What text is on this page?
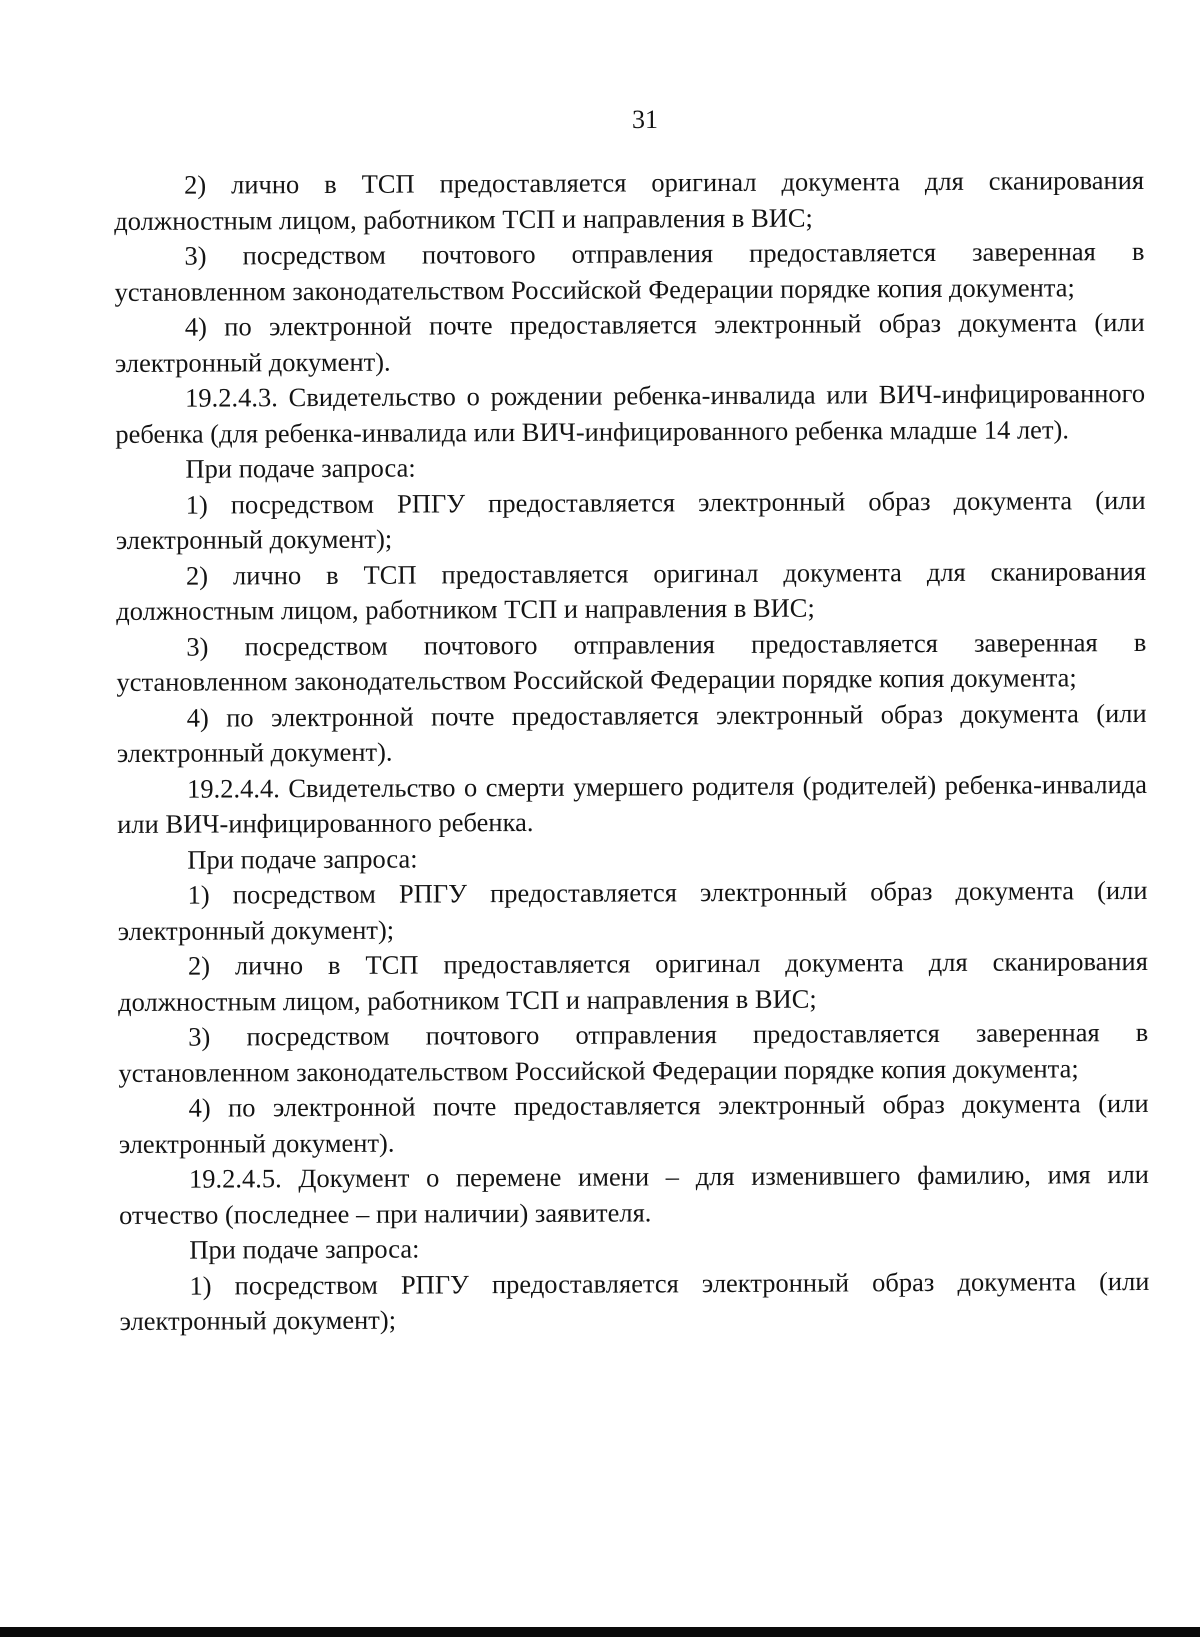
31

2) лично в ТСП предоставляется оригинал документа для сканирования должностным лицом, работником ТСП и направления в ВИС;

3) посредством почтового отправления предоставляется заверенная в установленном законодательством Российской Федерации порядке копия документа;

4) по электронной почте предоставляется электронный образ документа (или электронный документ).

19.2.4.3. Свидетельство о рождении ребенка-инвалида или ВИЧ-инфицированного ребенка (для ребенка-инвалида или ВИЧ-инфицированного ребенка младше 14 лет).

При подаче запроса:

1) посредством РПГУ предоставляется электронный образ документа (или электронный документ);

2) лично в ТСП предоставляется оригинал документа для сканирования должностным лицом, работником ТСП и направления в ВИС;

3) посредством почтового отправления предоставляется заверенная в установленном законодательством Российской Федерации порядке копия документа;

4) по электронной почте предоставляется электронный образ документа (или электронный документ).

19.2.4.4. Свидетельство о смерти умершего родителя (родителей) ребенка-инвалида или ВИЧ-инфицированного ребенка.

При подаче запроса:

1) посредством РПГУ предоставляется электронный образ документа (или электронный документ);

2) лично в ТСП предоставляется оригинал документа для сканирования должностным лицом, работником ТСП и направления в ВИС;

3) посредством почтового отправления предоставляется заверенная в установленном законодательством Российской Федерации порядке копия документа;

4) по электронной почте предоставляется электронный образ документа (или электронный документ).

19.2.4.5. Документ о перемене имени – для изменившего фамилию, имя или отчество (последнее – при наличии) заявителя.

При подаче запроса:

1) посредством РПГУ предоставляется электронный образ документа (или электронный документ);
